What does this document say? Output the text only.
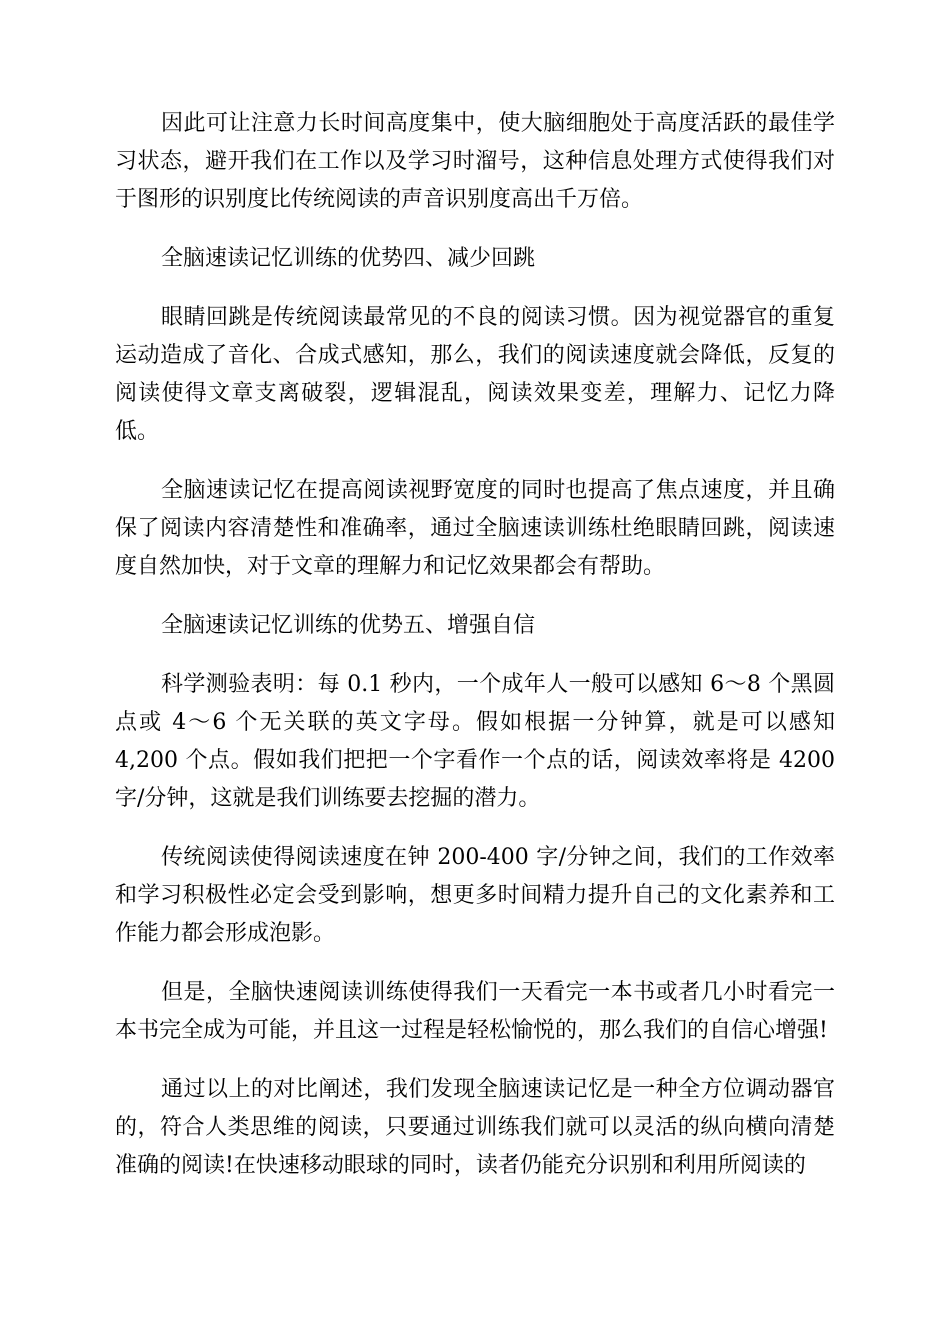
因此可让注意力长时间高度集中，使大脑细胞处于高度活跃的最佳学习状态，避开我们在工作以及学习时溜号，这种信息处理方式使得我们对于图形的识别度比传统阅读的声音识别度高出千万倍。

全脑速读记忆训练的优势四、减少回跳

眼睛回跳是传统阅读最常见的不良的阅读习惯。因为视觉器官的重复运动造成了音化、合成式感知，那么，我们的阅读速度就会降低，反复的阅读使得文章支离破裂，逻辑混乱，阅读效果变差，理解力、记忆力降低。

全脑速读记忆在提高阅读视野宽度的同时也提高了焦点速度，并且确保了阅读内容清楚性和准确率，通过全脑速读训练杜绝眼睛回跳，阅读速度自然加快，对于文章的理解力和记忆效果都会有帮助。

全脑速读记忆训练的优势五、增强自信

科学测验表明：每 0.1 秒内，一个成年人一般可以感知 6～8 个黑圆点或 4～6 个无关联的英文字母。假如根据一分钟算，就是可以感知 4,200 个点。假如我们把把一个字看作一个点的话，阅读效率将是 4200 字/分钟，这就是我们训练要去挖掘的潜力。

传统阅读使得阅读速度在钟 200-400 字/分钟之间，我们的工作效率和学习积极性必定会受到影响，想更多时间精力提升自己的文化素养和工作能力都会形成泡影。

但是，全脑快速阅读训练使得我们一天看完一本书或者几小时看完一本书完全成为可能，并且这一过程是轻松愉悦的，那么我们的自信心增强!

通过以上的对比阐述，我们发现全脑速读记忆是一种全方位调动器官的，符合人类思维的阅读，只要通过训练我们就可以灵活的纵向横向清楚准确的阅读!在快速移动眼球的同时，读者仍能充分识别和利用所阅读的
